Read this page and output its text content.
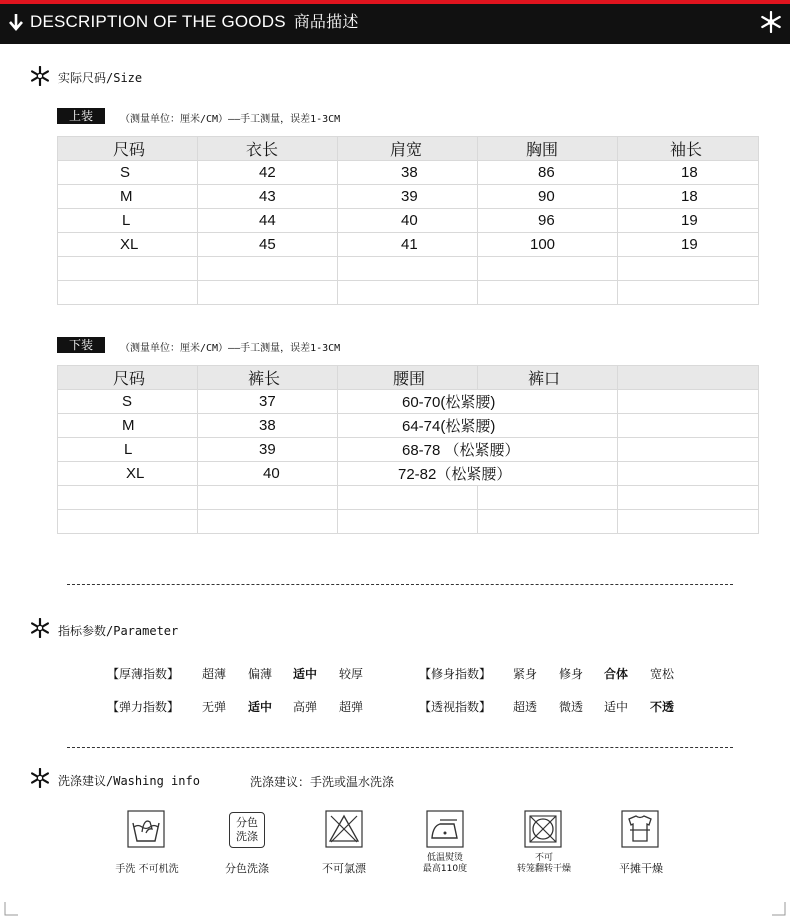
DESCRIPTION OF THE GOODS 商品描述
实际尺码/Size
上装	（测量单位：厘米/CM）——手工测量，误差1-3CM
尺码	衣长	肩宽	胸围	袖长
S	42	38	86	18
M	43	39	90	18
L	44	40	96	19
XL	45	41	100	19

下装	（测量单位：厘米/CM）——手工测量，误差1-3CM
尺码	裤长	腰围	裤口	
S	37	60-70(松紧腰)		
M	38	64-74(松紧腰)		
L	39	68-78 （松紧腰）		
XL	40	72-82（松紧腰）		

指标参数/Parameter
【厚薄指数】 超薄 偏薄 适中 较厚	【修身指数】 紧身 修身 合体 宽松
【弹力指数】 无弹 适中 高弹 超弹	【透视指数】 超透 微透 适中 不透
洗涤建议/Washing info	洗涤建议：手洗或温水洗涤
手洗 不可机洗
分色
洗涤
分色洗涤	不可氯漂
低温熨烫
最高110度
不可
转笼翻转干燥	平摊干燥
